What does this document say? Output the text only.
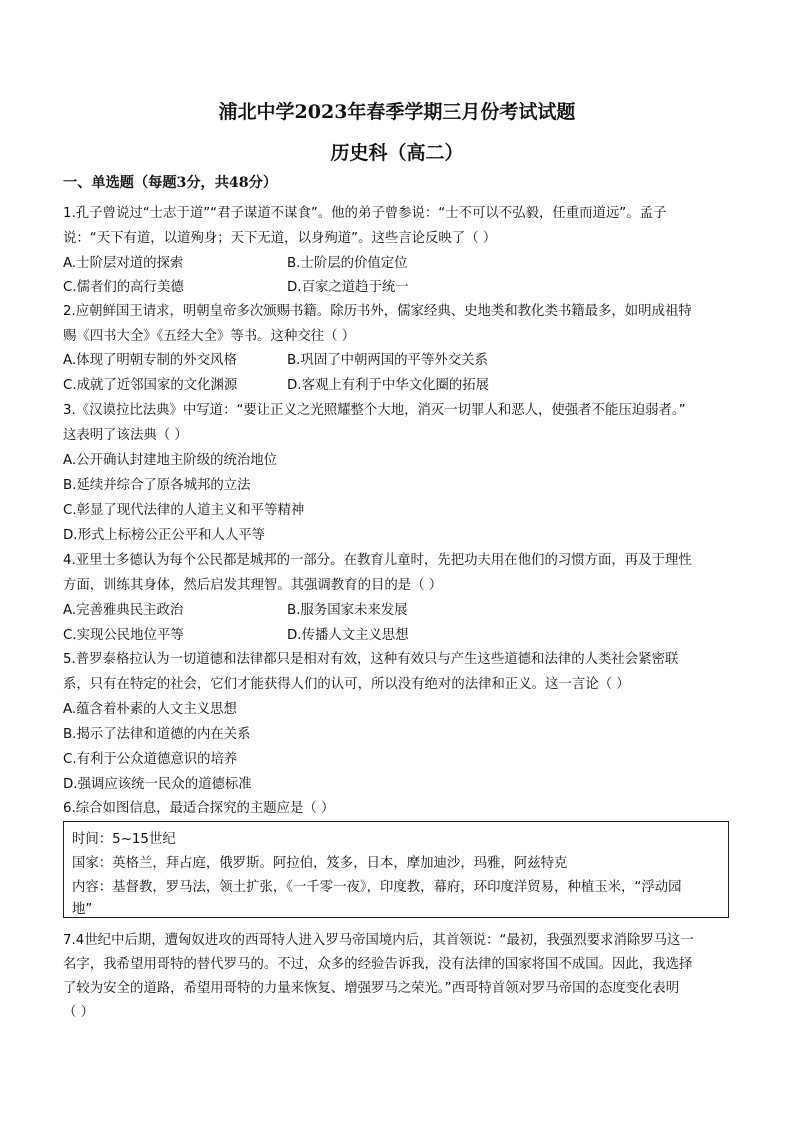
浦北中学2023年春季学期三月份考试试题
历史科（高二）
一、单选题（每题3分，共48分）
1.孔子曾说过“士志于道”“君子谋道不谋食”。他的弟子曾参说：“士不可以不弘毅，任重而道远”。孟子
说：“天下有道，以道殉身；天下无道，以身殉道”。这些言论反映了（ ）
A.士阶层对道的探索	B.士阶层的价值定位
C.儒者们的高行美德	D.百家之道趋于统一
2.应朝鲜国王请求，明朝皇帝多次颁赐书籍。除历书外，儒家经典、史地类和教化类书籍最多，如明成祖特
赐《四书大全》《五经大全》等书。这种交往（ ）
A.体现了明朝专制的外交风格	B.巩固了中朝两国的平等外交关系
C.成就了近邻国家的文化渊源	D.客观上有利于中华文化圈的拓展
3.《汉谟拉比法典》中写道：“要让正义之光照耀整个大地，消灭一切罪人和恶人，使强者不能压迫弱者。”
这表明了该法典（ ）
A.公开确认封建地主阶级的统治地位
B.延续并综合了原各城邦的立法
C.彰显了现代法律的人道主义和平等精神
D.形式上标榜公正公平和人人平等
4.亚里士多德认为每个公民都是城邦的一部分。在教育儿童时，先把功夫用在他们的习惯方面，再及于理性
方面，训练其身体，然后启发其理智。其强调教育的目的是（ ）
A.完善雅典民主政治	B.服务国家未来发展
C.实现公民地位平等	D.传播人文主义思想
5.普罗泰格拉认为一切道德和法律都只是相对有效，这种有效只与产生这些道德和法律的人类社会紧密联
系，只有在特定的社会，它们才能获得人们的认可，所以没有绝对的法律和正义。这一言论（ ）
A.蕴含着朴素的人文主义思想
B.揭示了法律和道德的内在关系
C.有利于公众道德意识的培养
D.强调应该统一民众的道德标准
6.综合如图信息，最适合探究的主题应是（ ）
时间：5~15世纪
国家：英格兰，拜占庭，俄罗斯。阿拉伯，笈多，日本，摩加迪沙，玛雅，阿兹特克
内容：基督教，罗马法，领土扩张，《一千零一夜》，印度教，幕府，环印度洋贸易，种植玉米，“浮动园
地”
7.4世纪中后期，遭匈奴进攻的西哥特人进入罗马帝国境内后，其首领说：“最初，我强烈要求消除罗马这一
名字，我希望用哥特的替代罗马的。不过，众多的经验告诉我，没有法律的国家将国不成国。因此，我选择
了较为安全的道路，希望用哥特的力量来恢复、增强罗马之荣光。”西哥特首领对罗马帝国的态度变化表明
（ ）
